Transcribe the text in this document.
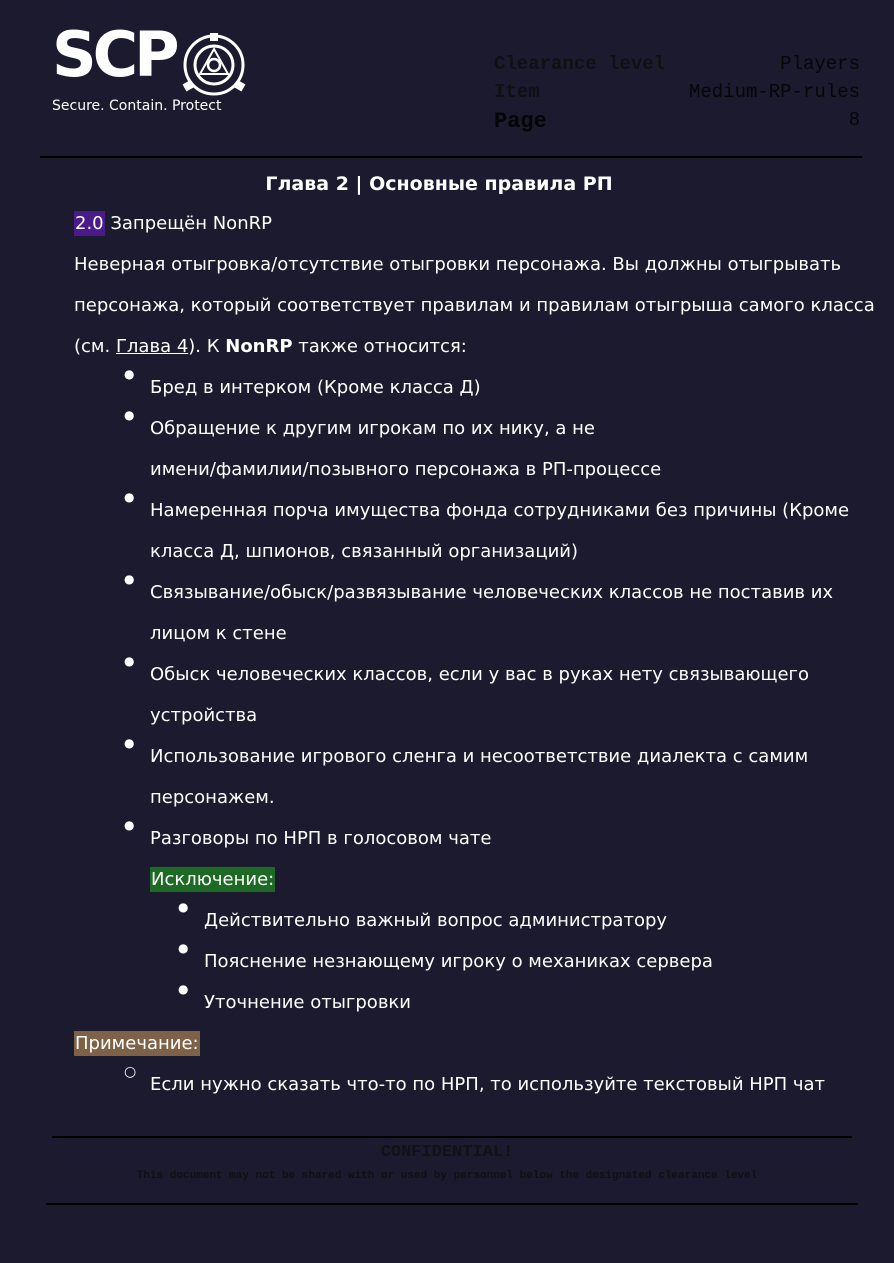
SCP
Secure. Contain. Protect
Clearance level	Players
Item	Medium-RP-rules
Page	8
Глава 2 | Основные правила РП
2.0 Запрещён NonRP
Неверная отыгровка/отсутствие отыгровки персонажа. Вы должны отыгрывать
персонажа, который соответствует правилам и правилам отыгрыша самого класса
(см. Глава 4). К NonRP также относится:
●
Бред в интерком (Кроме класса Д)
●
Обращение к другим игрокам по их нику, а не
имени/фамилии/позывного персонажа в РП-процессе
●
Намеренная порча имущества фонда сотрудниками без причины (Кроме
класса Д, шпионов, связанный организаций)
●
Связывание/обыск/развязывание человеческих классов не поставив их
лицом к стене
●
Обыск человеческих классов, если у вас в руках нету связывающего
устройства
●
Использование игрового сленга и несоответствие диалекта с самим
персонажем.
●
Разговоры по НРП в голосовом чате
Исключение:
●
Действительно важный вопрос администратору
●
Пояснение незнающему игроку о механиках сервера
●
Уточнение отыгровки
Примечание:
○
Если нужно сказать что-то по НРП, то используйте текстовый НРП чат
CONFIDENTIAL!
This document may not be shared with or used by personnel below the designated clearance level
